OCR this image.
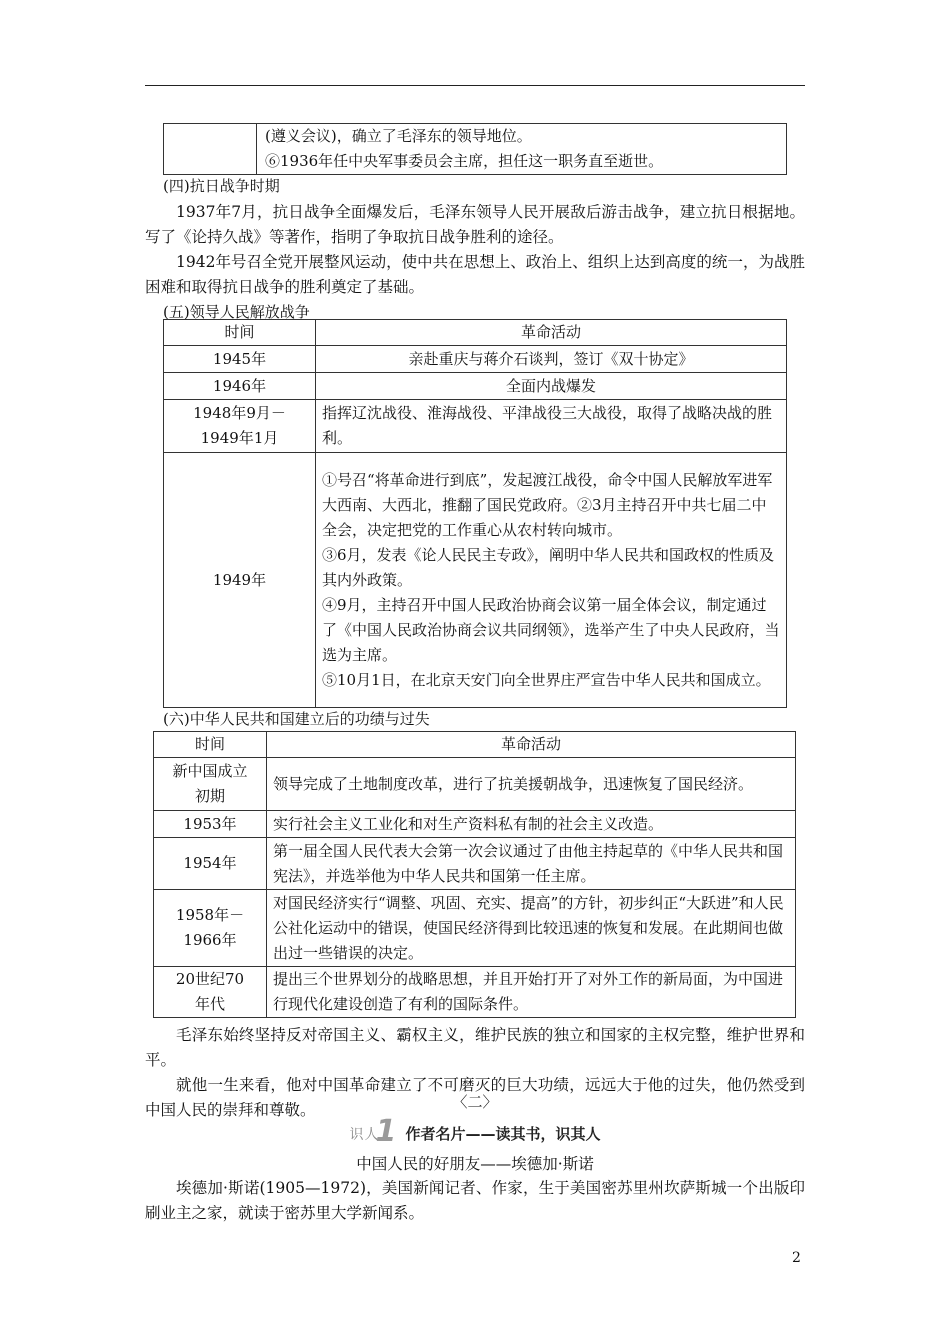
(遵义会议)，确立了毛泽东的领导地位。
⑥1936年任中央军事委员会主席，担任这一职务直至逝世。
(四)抗日战争时期
1937年7月，抗日战争全面爆发后，毛泽东领导人民开展敌后游击战争，建立抗日根据地。写了《论持久战》等著作，指明了争取抗日战争胜利的途径。
1942年号召全党开展整风运动，使中共在思想上、政治上、组织上达到高度的统一，为战胜困难和取得抗日战争的胜利奠定了基础。
(五)领导人民解放战争
时间	革命活动
1945年	亲赴重庆与蒋介石谈判，签订《双十协定》
1946年	全面内战爆发
1948年9月－1949年1月	指挥辽沈战役、淮海战役、平津战役三大战役，取得了战略决战的胜利。
1949年	①号召“将革命进行到底”，发起渡江战役，命令中国人民解放军进军大西南、大西北，推翻了国民党政府。②3月主持召开中共七届二中全会，决定把党的工作重心从农村转向城市。
③6月，发表《论人民民主专政》，阐明中华人民共和国政权的性质及其内外政策。
④9月，主持召开中国人民政治协商会议第一届全体会议，制定通过了《中国人民政治协商会议共同纲领》，选举产生了中央人民政府，当选为主席。
⑤10月1日，在北京天安门向全世界庄严宣告中华人民共和国成立。
(六)中华人民共和国建立后的功绩与过失
时间	革命活动
新中国成立初期	领导完成了土地制度改革，进行了抗美援朝战争，迅速恢复了国民经济。
1953年	实行社会主义工业化和对生产资料私有制的社会主义改造。
1954年	第一届全国人民代表大会第一次会议通过了由他主持起草的《中华人民共和国宪法》，并选举他为中华人民共和国第一任主席。
1958年－1966年	对国民经济实行“调整、巩固、充实、提高”的方针，初步纠正“大跃进”和人民公社化运动中的错误，使国民经济得到比较迅速的恢复和发展。在此期间也做出过一些错误的决定。
20世纪70年代	提出三个世界划分的战略思想，并且开始打开了对外工作的新局面，为中国进行现代化建设创造了有利的国际条件。
毛泽东始终坚持反对帝国主义、霸权主义，维护民族的独立和国家的主权完整，维护世界和平。
就他一生来看，他对中国革命建立了不可磨灭的巨大功绩，远远大于他的过失，他仍然受到中国人民的崇拜和尊敬。	〈二〉
识人
1 作者名片——读其书，识其人
中国人民的好朋友——埃德加·斯诺
埃德加·斯诺(1905—1972)，美国新闻记者、作家，生于美国密苏里州坎萨斯城一个出版印刷业主之家，就读于密苏里大学新闻系。
2
